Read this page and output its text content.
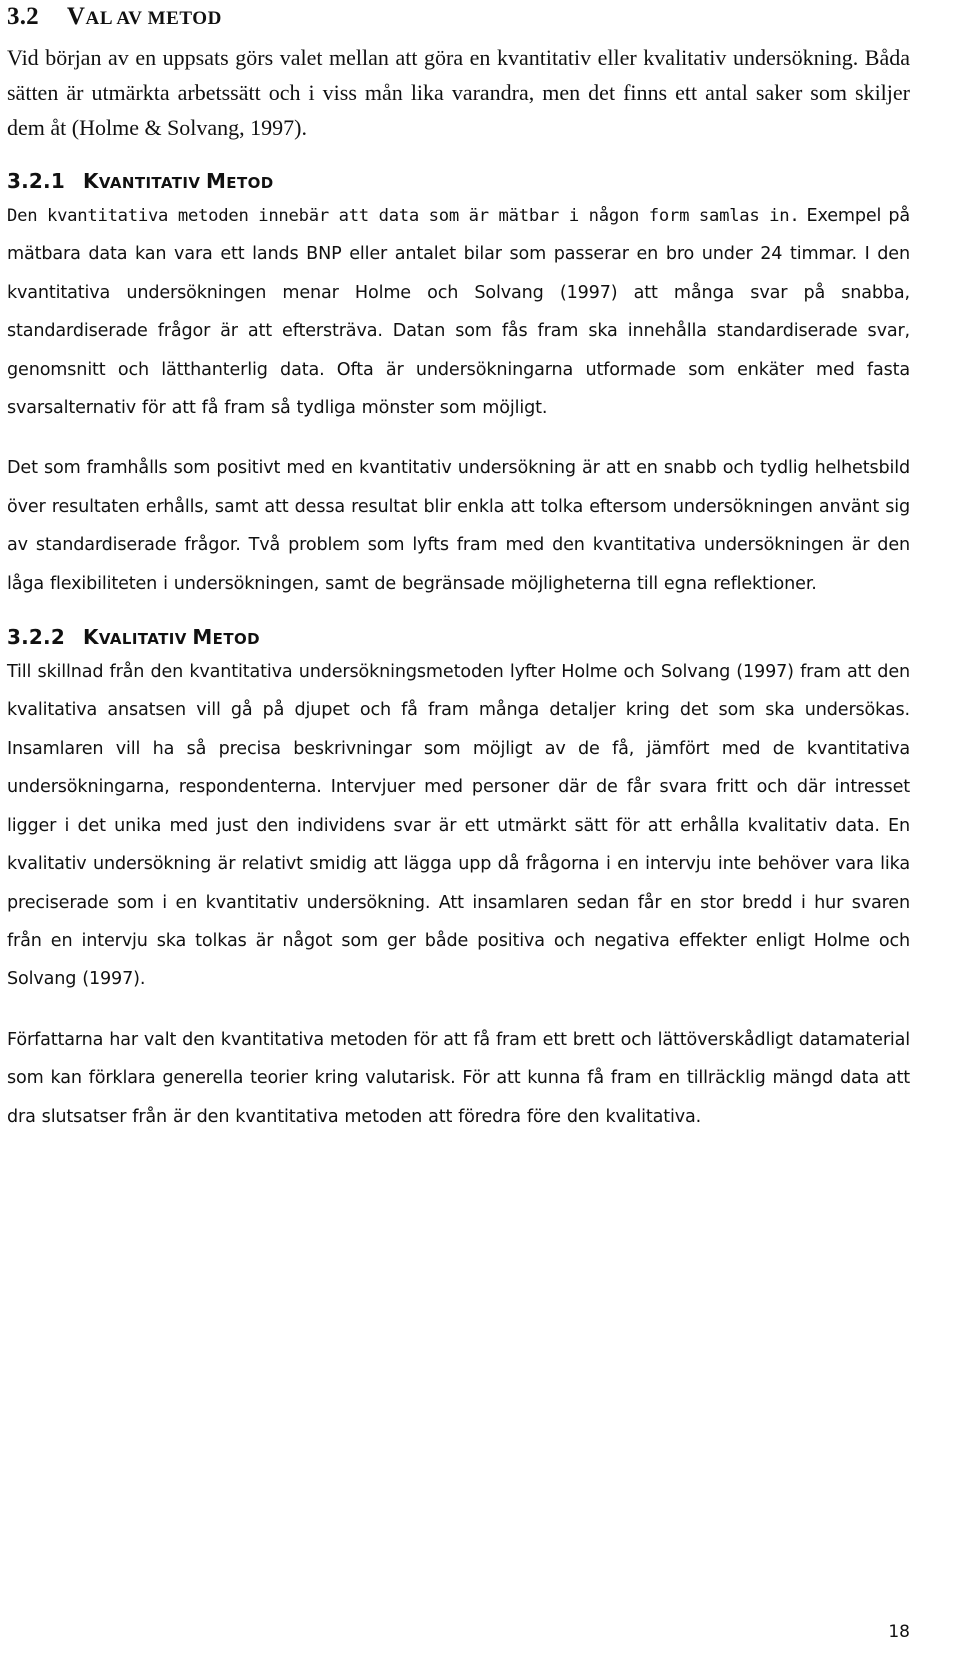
3.2 VAL AV METOD

Vid början av en uppsats görs valet mellan att göra en kvantitativ eller kvalitativ undersökning. Båda sätten är utmärkta arbetssätt och i viss mån lika varandra, men det finns ett antal saker som skiljer dem åt (Holme & Solvang, 1997).

3.2.1 KVANTITATIV METOD

Den kvantitativa metoden innebär att data som är mätbar i någon form samlas in. Exempel på mätbara data kan vara ett lands BNP eller antalet bilar som passerar en bro under 24 timmar. I den kvantitativa undersökningen menar Holme och Solvang (1997) att många svar på snabba, standardiserade frågor är att eftersträva. Datan som fås fram ska innehålla standardiserade svar, genomsnitt och lätthanterlig data. Ofta är undersökningarna utformade som enkäter med fasta svarsalternativ för att få fram så tydliga mönster som möjligt.

Det som framhålls som positivt med en kvantitativ undersökning är att en snabb och tydlig helhetsbild över resultaten erhålls, samt att dessa resultat blir enkla att tolka eftersom undersökningen använt sig av standardiserade frågor. Två problem som lyfts fram med den kvantitativa undersökningen är den låga flexibiliteten i undersökningen, samt de begränsade möjligheterna till egna reflektioner.

3.2.2 KVALITATIV METOD

Till skillnad från den kvantitativa undersökningsmetoden lyfter Holme och Solvang (1997) fram att den kvalitativa ansatsen vill gå på djupet och få fram många detaljer kring det som ska undersökas. Insamlaren vill ha så precisa beskrivningar som möjligt av de få, jämfört med de kvantitativa undersökningarna, respondenterna. Intervjuer med personer där de får svara fritt och där intresset ligger i det unika med just den individens svar är ett utmärkt sätt för att erhålla kvalitativ data. En kvalitativ undersökning är relativt smidig att lägga upp då frågorna i en intervju inte behöver vara lika preciserade som i en kvantitativ undersökning. Att insamlaren sedan får en stor bredd i hur svaren från en intervju ska tolkas är något som ger både positiva och negativa effekter enligt Holme och Solvang (1997).

Författarna har valt den kvantitativa metoden för att få fram ett brett och lättöverskådligt datamaterial som kan förklara generella teorier kring valutarisk. För att kunna få fram en tillräcklig mängd data att dra slutsatser från är den kvantitativa metoden att föredra före den kvalitativa.

18
